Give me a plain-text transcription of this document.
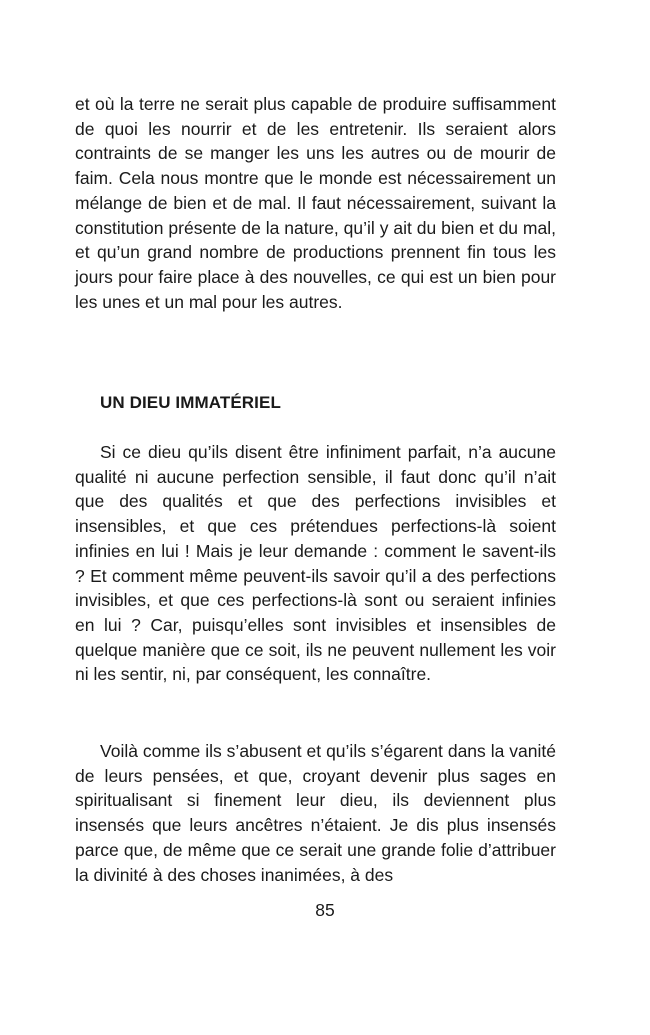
et où la terre ne serait plus capable de produire suffisamment de quoi les nourrir et de les entretenir. Ils seraient alors contraints de se manger les uns les autres ou de mourir de faim. Cela nous montre que le monde est nécessairement un mélange de bien et de mal. Il faut nécessairement, suivant la constitution présente de la nature, qu’il y ait du bien et du mal, et qu’un grand nombre de productions prennent fin tous les jours pour faire place à des nouvelles, ce qui est un bien pour les unes et un mal pour les autres.

UN DIEU IMMATÉRIEL

Si ce dieu qu’ils disent être infiniment parfait, n’a aucune qualité ni aucune perfection sensible, il faut donc qu’il n’ait que des qualités et que des perfections invisibles et insensibles, et que ces prétendues perfections-là soient infinies en lui ! Mais je leur demande : comment le savent-ils ? Et comment même peuvent-ils savoir qu’il a des perfections invisibles, et que ces perfections-là sont ou seraient infinies en lui ? Car, puisqu’elles sont invisibles et insensibles de quelque manière que ce soit, ils ne peuvent nullement les voir ni les sentir, ni, par conséquent, les connaître.

Voilà comme ils s’abusent et qu’ils s’égarent dans la vanité de leurs pensées, et que, croyant devenir plus sages en spiritualisant si finement leur dieu, ils deviennent plus insensés que leurs ancêtres n’étaient. Je dis plus insensés parce que, de même que ce serait une grande folie d’attribuer la divinité à des choses inanimées, à des

85
